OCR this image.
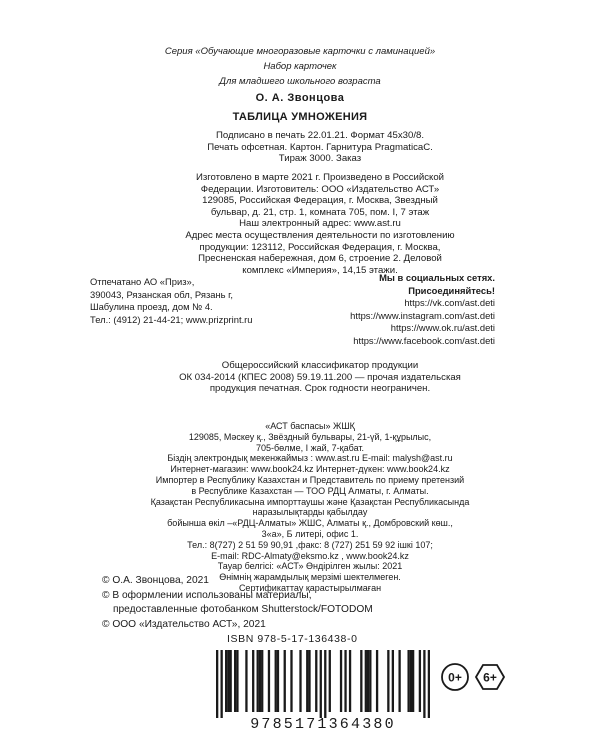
Серия «Обучающие многоразовые карточки с ламинацией»
Набор карточек
Для младшего школьного возраста
О. А. Звонцова
ТАБЛИЦА УМНОЖЕНИЯ
Подписано в печать 22.01.21. Формат 45x30/8.
Печать офсетная. Картон. Гарнитура PragmaticaC.
Тираж 3000. Заказ
Изготовлено в марте 2021 г. Произведено в Российской
Федерации. Изготовитель: ООО «Издательство АСТ»
129085, Российская Федерация, г. Москва, Звездный
бульвар, д. 21, стр. 1, комната 705, пом. I, 7 этаж
Наш электронный адрес: www.ast.ru
Адрес места осуществления деятельности по изготовлению
продукции: 123112, Российская Федерация, г. Москва,
Пресненская набережная, дом 6, строение 2. Деловой
комплекс «Империя», 14,15 этажи.
Отпечатано АО «Приз»,
390043, Рязанская обл, Рязань г,
Шабулина проезд, дом № 4.
Тел.: (4912) 21-44-21; www.prizprint.ru
Мы в социальных сетях. Присоединяйтесь!
https://vk.com/ast.deti
https://www.instagram.com/ast.deti
https://www.ok.ru/ast.deti
https://www.facebook.com/ast.deti
Общероссийский классификатор продукции
ОК 034-2014 (КПЕС 2008) 59.19.11.200 — прочая издательская
продукция печатная. Срок годности неограничен.
«АСТ баспасы» ЖШҚ
129085, Мәскеу қ., Звёздный бульвары, 21-үй, 1-құрылыс,
705-бөлме, I жай, 7-қабат.
Біздің электрондық мекенжаймыз : www.ast.ru E-mail: malysh@ast.ru
Интернет-магазин: www.book24.kz Интернет-дүкен: www.book24.kz
Импортер в Республику Казахстан и Представитель по приему претензий
в Республике Казахстан — ТОО РДЦ Алматы, г. Алматы.
Қазақстан Республикасына импорттаушы және Қазақстан Республикасында
наразылықтарды қабылдау
бойынша өкіл –«РДЦ-Алматы» ЖШС, Алматы қ., Домбровский көш.,
3«а», Б литері, офис 1.
Тел.: 8(727) 2 51 59 90,91 ,факс: 8 (727) 251 59 92 ішкі 107;
E-mail: RDC-Almaty@eksmo.kz , www.book24.kz
Тауар белгісі: «АСТ» Өндірілген жылы: 2021
Өнімнің жарамдылық мерзімі шектелмеген.
Сертификаттау қарастырылмаған
© О.А. Звонцова, 2021
© В оформлении использованы материалы,
предоставленные фотобанком Shutterstock/FOTODOM
© ООО «Издательство АСТ», 2021
ISBN 978-5-17-136438-0
9785171364380
0+ 6+
